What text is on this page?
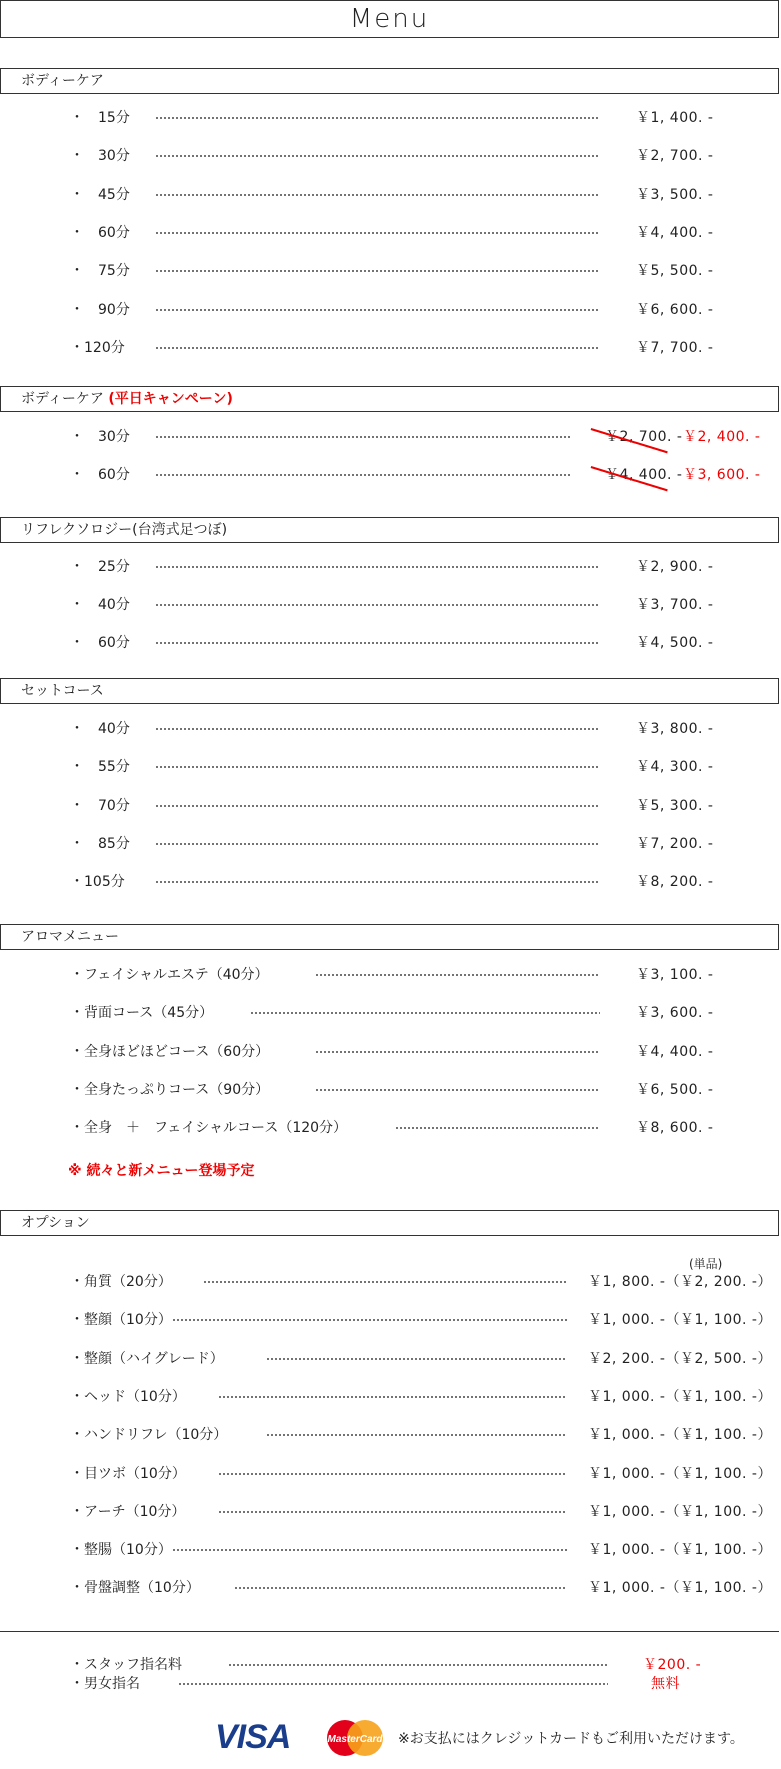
Menu
ボディーケア
ボディーケア (平日キャンペーン)
リフレクソロジー(台湾式足つぼ)
セットコース
アロマメニュー
※ 続々と新メニュー登場予定
オプション
(単品)
VISA	MasterCard ※お支払にはクレジットカードもご利用いただけます。
・　15分	￥1, 400. -
・　30分	￥2, 700. -
・　45分	￥3, 500. -
・　60分	￥4, 400. -
・　75分	￥5, 500. -
・　90分	￥6, 600. -
・120分	￥7, 700. -
・　30分	￥2, 700. - ￥2, 400. -
・　60分	￥4, 400. - ￥3, 600. -
・　25分	￥2, 900. -
・　40分	￥3, 700. -
・　60分	￥4, 500. -
・　40分	￥3, 800. -
・　55分	￥4, 300. -
・　70分	￥5, 300. -
・　85分	￥7, 200. -
・105分	￥8, 200. -
・フェイシャルエステ（40分）	￥3, 100. -
・背面コース（45分）	￥3, 600. -
・全身ほどほどコース（60分）	￥4, 400. -
・全身たっぷりコース（90分）	￥6, 500. -
・全身　＋　フェイシャルコース（120分）	￥8, 600. -
・角質（20分）	￥1, 800. -（￥2, 200. -）
・整顔（10分）	￥1, 000. -（￥1, 100. -）
・整顔（ハイグレード）	￥2, 200. -（￥2, 500. -）
・ヘッド（10分）	￥1, 000. -（￥1, 100. -）
・ハンドリフレ（10分）	￥1, 000. -（￥1, 100. -）
・目ツボ（10分）	￥1, 000. -（￥1, 100. -）
・アーチ（10分）	￥1, 000. -（￥1, 100. -）
・整腸（10分）	￥1, 000. -（￥1, 100. -）
・骨盤調整（10分）	￥1, 000. -（￥1, 100. -）
・スタッフ指名料	￥200. -
・男女指名	無料
